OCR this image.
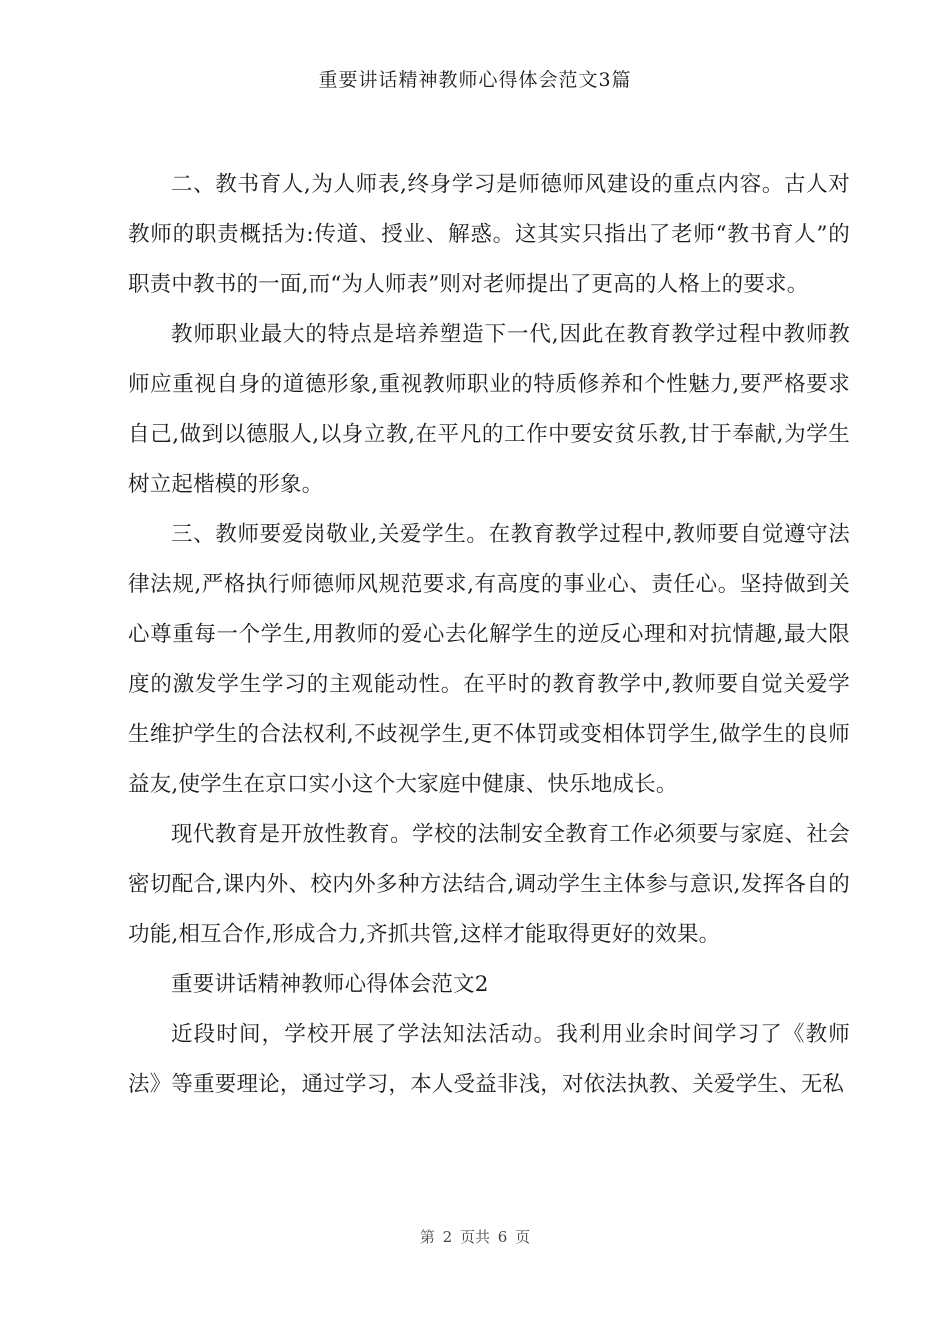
重要讲话精神教师心得体会范文3篇

二、教书育人,为人师表,终身学习是师德师风建设的重点内容。古人对教师的职责概括为:传道、授业、解惑。这其实只指出了老师“教书育人”的职责中教书的一面,而“为人师表”则对老师提出了更高的人格上的要求。

教师职业最大的特点是培养塑造下一代,因此在教育教学过程中教师教师应重视自身的道德形象,重视教师职业的特质修养和个性魅力,要严格要求自己,做到以德服人,以身立教,在平凡的工作中要安贫乐教,甘于奉献,为学生树立起楷模的形象。

三、教师要爱岗敬业,关爱学生。在教育教学过程中,教师要自觉遵守法律法规,严格执行师德师风规范要求,有高度的事业心、责任心。坚持做到关心尊重每一个学生,用教师的爱心去化解学生的逆反心理和对抗情趣,最大限度的激发学生学习的主观能动性。在平时的教育教学中,教师要自觉关爱学生维护学生的合法权利,不歧视学生,更不体罚或变相体罚学生,做学生的良师益友,使学生在京口实小这个大家庭中健康、快乐地成长。

现代教育是开放性教育。学校的法制安全教育工作必须要与家庭、社会密切配合,课内外、校内外多种方法结合,调动学生主体参与意识,发挥各自的功能,相互合作,形成合力,齐抓共管,这样才能取得更好的效果。

重要讲话精神教师心得体会范文2

近段时间，学校开展了学法知法活动。我利用业余时间学习了《教师法》等重要理论，通过学习，本人受益非浅，对依法执教、关爱学生、无私

第 2 页共 6 页
